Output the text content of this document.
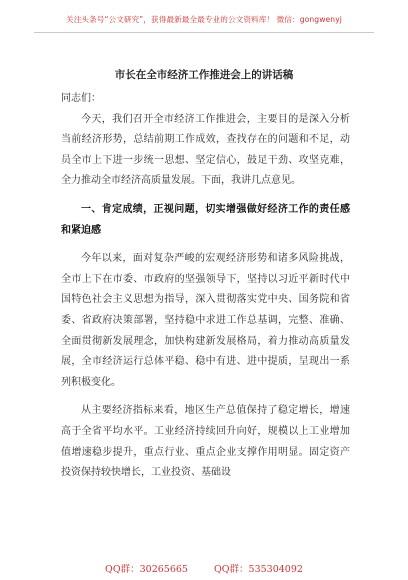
关注头条号“公文研究”，获得最新最全最专业的公文资料库！ 微信：gongwenyj
市长在全市经济工作推进会上的讲话稿

同志们：

今天，我们召开全市经济工作推进会，主要目的是深入分析当前经济形势，总结前期工作成效，查找存在的问题和不足，动员全市上下进一步统一思想、坚定信心，鼓足干劲、攻坚克难，全力推动全市经济高质量发展。下面，我讲几点意见。

一、肯定成绩，正视问题，切实增强做好经济工作的责任感和紧迫感

今年以来，面对复杂严峻的宏观经济形势和诸多风险挑战，全市上下在市委、市政府的坚强领导下，坚持以习近平新时代中国特色社会主义思想为指导，深入贯彻落实党中央、国务院和省委、省政府决策部署，坚持稳中求进工作总基调，完整、准确、全面贯彻新发展理念，加快构建新发展格局，着力推动高质量发展，全市经济运行总体平稳、稳中有进、进中提质，呈现出一系列积极变化。

从主要经济指标来看，地区生产总值保持了稳定增长，增速高于全省平均水平。工业经济持续回升向好，规模以上工业增加值增速稳步提升，重点行业、重点企业支撑作用明显。固定资产投资保持较快增长，工业投资、基础设

QQ群：30265665	QQ群：535304092
